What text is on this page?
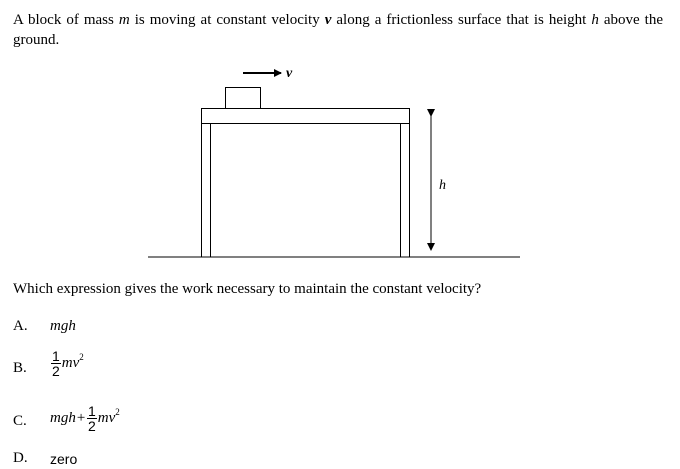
A block of mass m is moving at constant velocity v along a frictionless surface that is height h above the ground.
v
h
Which expression gives the work necessary to maintain the constant velocity?
A. mgh
B. $\frac{1}{2} mv^2$
C. $mgh+ \frac{1}{2} mv^2$
D. zero
